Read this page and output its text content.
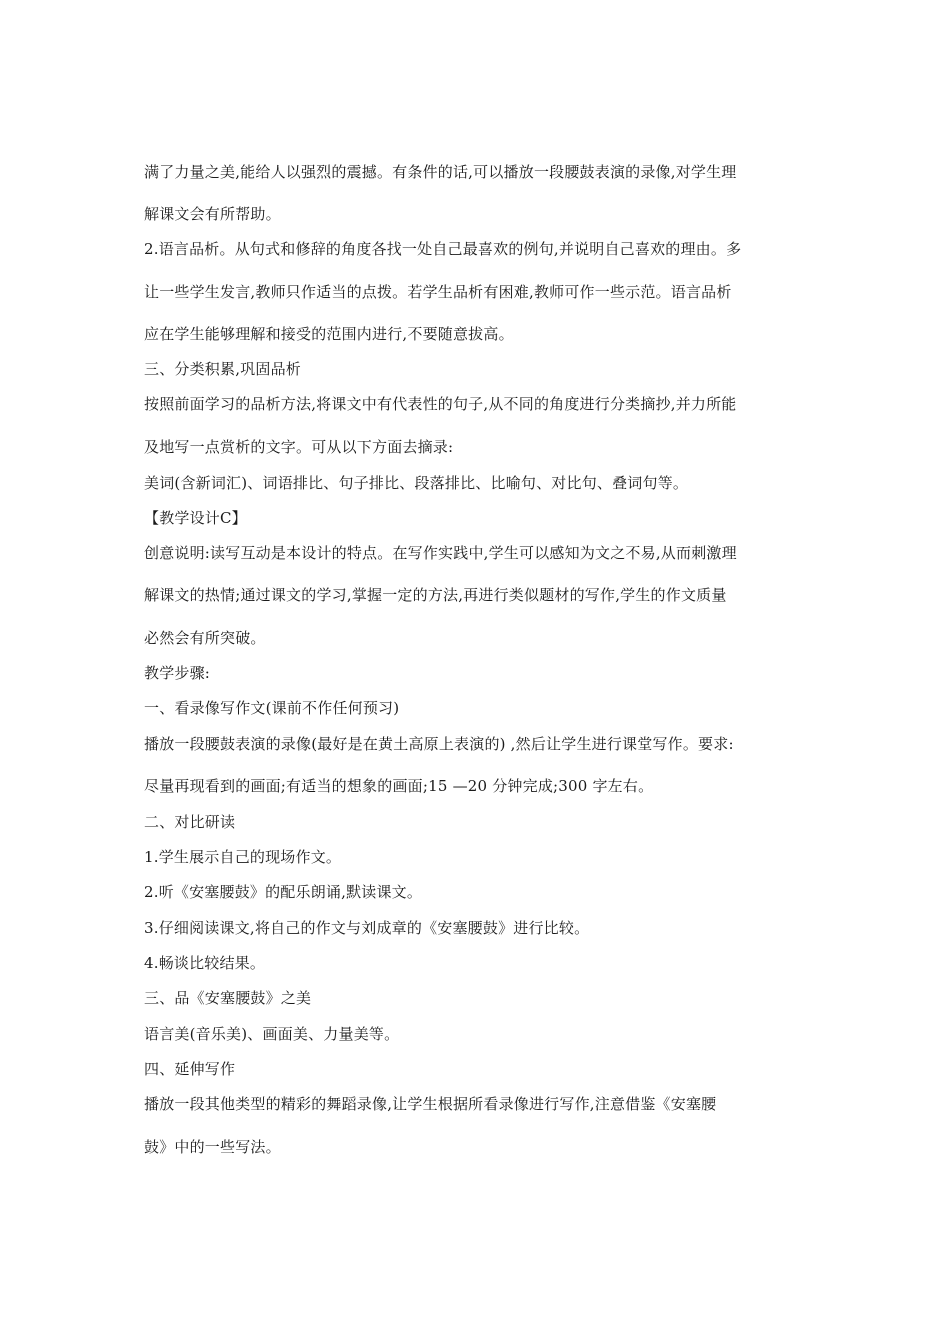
满了力量之美,能给人以强烈的震撼。有条件的话,可以播放一段腰鼓表演的录像,对学生理
解课文会有所帮助。
2.语言品析。从句式和修辞的角度各找一处自己最喜欢的例句,并说明自己喜欢的理由。多
让一些学生发言,教师只作适当的点拨。若学生品析有困难,教师可作一些示范。语言品析
应在学生能够理解和接受的范围内进行,不要随意拔高。
三、分类积累,巩固品析
按照前面学习的品析方法,将课文中有代表性的句子,从不同的角度进行分类摘抄,并力所能
及地写一点赏析的文字。可从以下方面去摘录:
美词(含新词汇)、词语排比、句子排比、段落排比、比喻句、对比句、叠词句等。
【教学设计C】
创意说明:读写互动是本设计的特点。在写作实践中,学生可以感知为文之不易,从而刺激理
解课文的热情;通过课文的学习,掌握一定的方法,再进行类似题材的写作,学生的作文质量
必然会有所突破。
教学步骤:
一、看录像写作文(课前不作任何预习)
播放一段腰鼓表演的录像(最好是在黄土高原上表演的) ,然后让学生进行课堂写作。要求:
尽量再现看到的画面;有适当的想象的画面;15 —20 分钟完成;300 字左右。
二、对比研读
1.学生展示自己的现场作文。
2.听《安塞腰鼓》的配乐朗诵,默读课文。
3.仔细阅读课文,将自己的作文与刘成章的《安塞腰鼓》进行比较。
4.畅谈比较结果。
三、品《安塞腰鼓》之美
语言美(音乐美)、画面美、力量美等。
四、延伸写作
播放一段其他类型的精彩的舞蹈录像,让学生根据所看录像进行写作,注意借鉴《安塞腰
鼓》中的一些写法。
